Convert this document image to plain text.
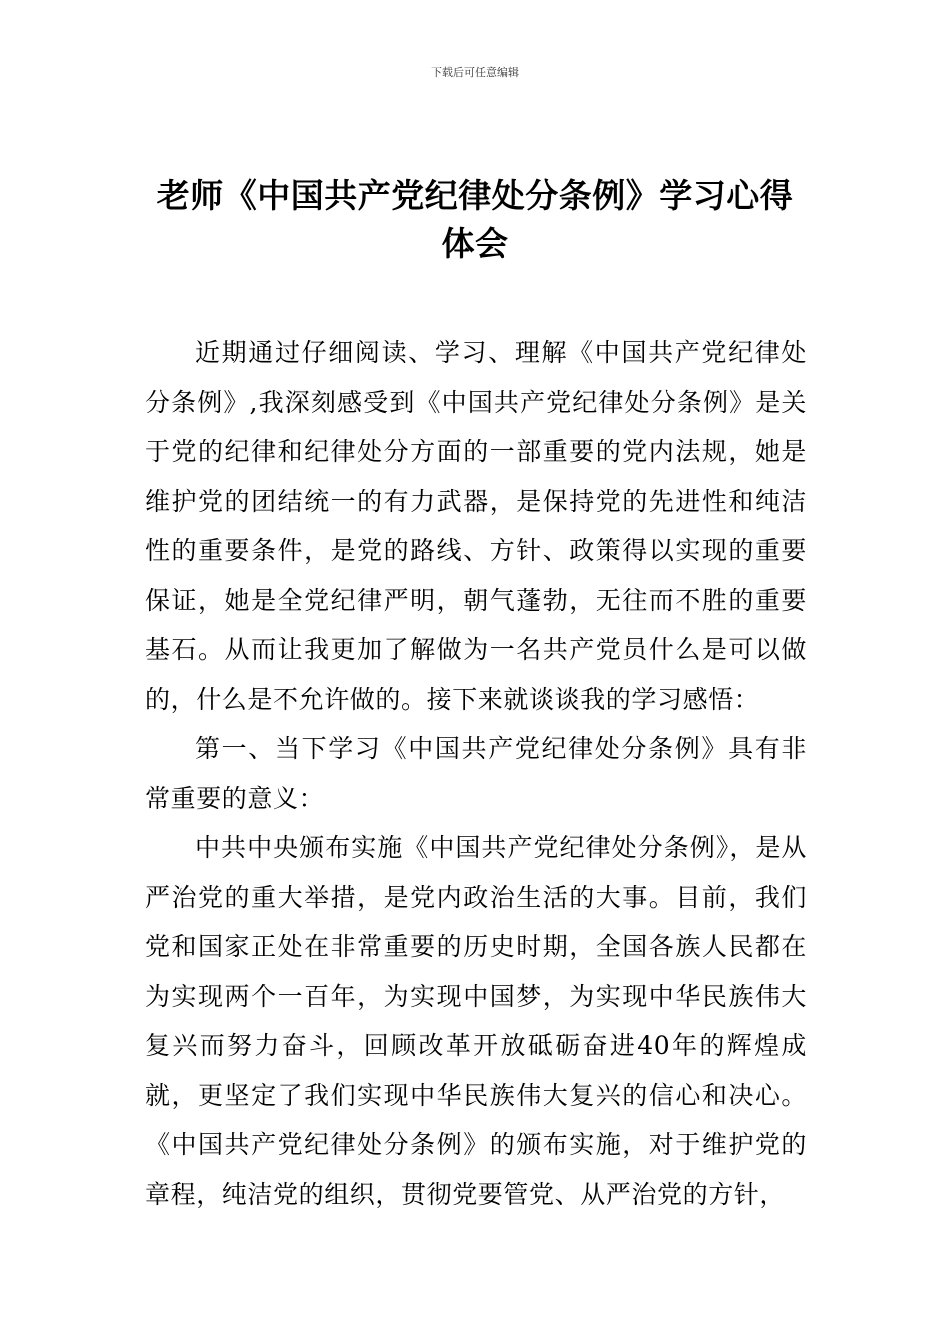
下载后可任意编辑
老师《中国共产党纪律处分条例》学习心得体会

近期通过仔细阅读、学习、理解《中国共产党纪律处分条例》,我深刻感受到《中国共产党纪律处分条例》是关于党的纪律和纪律处分方面的一部重要的党内法规，她是维护党的团结统一的有力武器，是保持党的先进性和纯洁性的重要条件，是党的路线、方针、政策得以实现的重要保证，她是全党纪律严明，朝气蓬勃，无往而不胜的重要基石。从而让我更加了解做为一名共产党员什么是可以做的，什么是不允许做的。接下来就谈谈我的学习感悟：

第一、当下学习《中国共产党纪律处分条例》具有非常重要的意义：

中共中央颁布实施《中国共产党纪律处分条例》，是从严治党的重大举措，是党内政治生活的大事。目前，我们党和国家正处在非常重要的历史时期，全国各族人民都在为实现两个一百年，为实现中国梦，为实现中华民族伟大复兴而努力奋斗，回顾改革开放砥砺奋进40年的辉煌成就，更坚定了我们实现中华民族伟大复兴的信心和决心。《中国共产党纪律处分条例》的颁布实施，对于维护党的章程，纯洁党的组织，贯彻党要管党、从严治党的方针，
